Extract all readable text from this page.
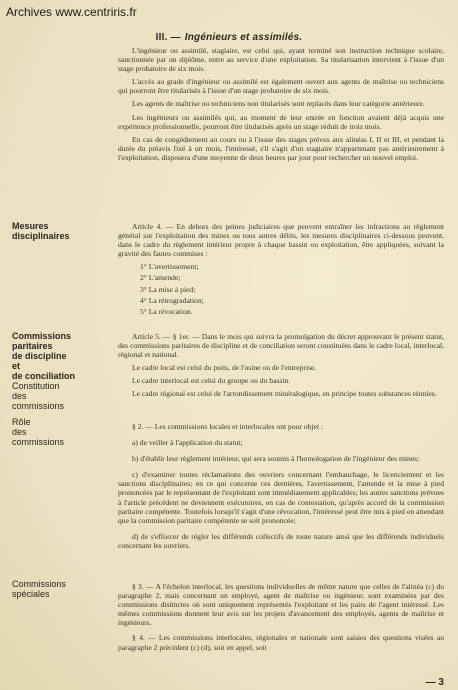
Archives www.centriris.fr
III. — Ingénieurs et assimilés.

L'ingénieur ou assimilé, stagiaire, est celui qui, ayant terminé son instruction technique scolaire, sanctionnée par un diplôme, entre au service d'une exploitation. Sa titularisation intervient à l'issue d'un stage probatoire de six mois.

L'accès au grade d'ingénieur ou assimilé est également ouvert aux agents de maîtrise ou techniciens qui pourront être titularisés à l'issue d'un stage probatoire de six mois.

Les agents de maîtrise ou techniciens non titularisés sont replacés dans leur catégorie antérieure.

Les ingénieurs ou assimilés qui, au moment de leur entrée en fonction avaient déjà acquis une expérience professionnelle, pourront être titularisés après un stage réduit de trois mois.

En cas de congédiement au cours ou à l'issue des stages prévus aux alinéas I, II et III, et pendant la durée du préavis fixé à un mois, l'intéressé, s'il s'agit d'un stagiaire n'appartenant pas antérieurement à l'exploitation, disposera d'une moyenne de deux heures par jour pour rechercher un nouvel emploi.

Mesures
disciplinaires

Article 4. — En dehors des peines judiciaires que peuvent entraîner les infractions au règlement général sur l'exploitation des mines ou tous autres délits, les mesures disciplinaires ci-dessous peuvent, dans le cadre du règlement intérieur propre à chaque bassin ou exploitation, être appliquées, suivant la gravité des fautes commises :

1° L'avertissement;

2° L'amende;

3° La mise à pied;

4° La rétrogradation;

5° La révocation.

Commissions
paritaires
de discipline
et
de conciliation
Constitution
des
commissions

Article 5. — § 1er. — Dans le mois qui suivra la promulgation du décret approuvant le présent statut, des commissions paritaires de discipline et de conciliation seront constituées dans le cadre local, interlocal, régional et national.

Le cadre local est celui du puits, de l'usine ou de l'entreprise.

Le cadre interlocal est celui du groupe ou du bassin.

Le cadre régional est celui de l'arrondissement minéralogique, en principe toutes substances réunies.

Rôle
des
commissions

§ 2. — Les commissions locales et interlocales ont pour objet :

a) de veiller à l'application du statut;

b) d'établir leur règlement intérieur, qui sera soumis à l'homologation de l'ingénieur des mines;

c) d'examiner toutes réclamations des ouvriers concernant l'embauchage, le licenciement et les sanctions disciplinaires; en ce qui concerne ces dernières, l'avertissement, l'amende et la mise à pied prononcées par le représentant de l'exploitant sont immédiatement applicables; les autres sanctions prévues à l'article précédent ne deviennent exécutoires, en cas de contestation, qu'après accord de la commission paritaire compétente. Toutefois lorsqu'il s'agit d'une révocation, l'intéressé peut être mis à pied en attendant que la commission paritaire compétente se soit prononcée;

d) de s'efforcer de régler les différends collectifs de toute nature ainsi que les différends individuels concernant les ouvriers.

Commissions
spéciales

§ 3. — A l'échelon interlocal, les questions individuelles de même nature que celles de l'alinéa (c) du paragraphe 2, mais concernant un employé, agent de maîtrise ou ingénieur, sont examinées par des commissions distinctes où sont uniquement représentés l'exploitant et les pairs de l'agent intéressé. Les mêmes commissions donnent leur avis sur les projets d'avancement des employés, agents de maîtrise et ingénieurs.

§ 4. — Les commissions interlocales, régionales et nationale sont saisies des questions visées au paragraphe 2 précédent (c) (d), soit en appel, soit

— 3
